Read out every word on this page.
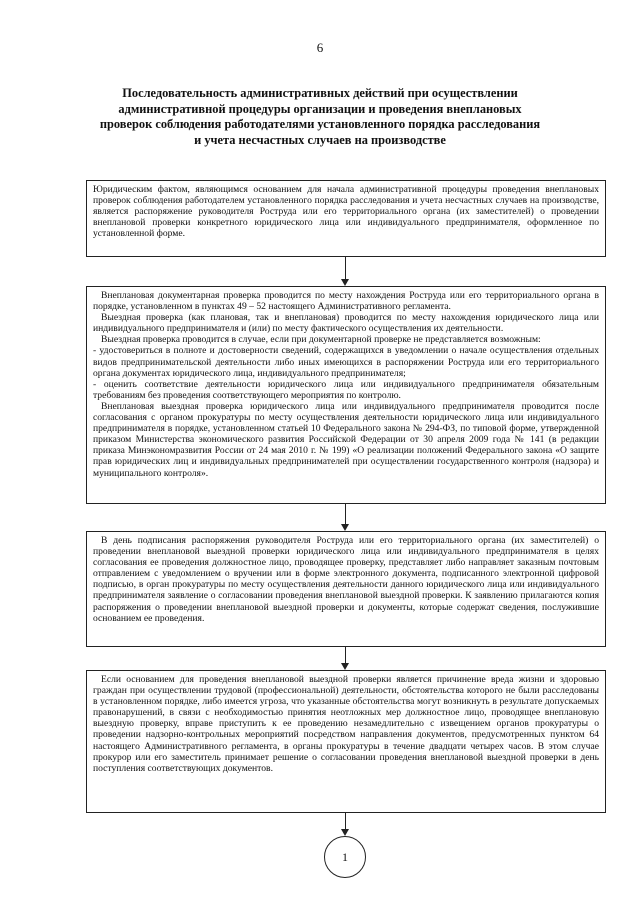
6
Последовательность административных действий при осуществлении административной процедуры организации и проведения внеплановых проверок соблюдения работодателями установленного порядка расследования и учета несчастных случаев на производстве

Юридическим фактом, являющимся основанием для начала административной процедуры проведения внеплановых проверок соблюдения работодателем установленного порядка расследования и учета несчастных случаев на производстве, является распоряжение руководителя Роструда или его территориального органа (их заместителей) о проведении внеплановой проверки конкретного юридического лица или индивидуального предпринимателя, оформленное по установленной форме.

Внеплановая документарная проверка проводится по месту нахождения Роструда или его территориального органа в порядке, установленном в пунктах 49 – 52 настоящего Административного регламента.

Выездная проверка (как плановая, так и внеплановая) проводится по месту нахождения юридического лица или индивидуального предпринимателя и (или) по месту фактического осуществления их деятельности.

Выездная проверка проводится в случае, если при документарной проверке не представляется возможным:

- удостовериться в полноте и достоверности сведений, содержащихся в уведомлении о начале осуществления отдельных видов предпринимательской деятельности либо иных имеющихся в распоряжении Роструда или его территориального органа документах юридического лица, индивидуального предпринимателя;

- оценить соответствие деятельности юридического лица или индивидуального предпринимателя обязательным требованиям без проведения соответствующего мероприятия по контролю.

Внеплановая выездная проверка юридического лица или индивидуального предпринимателя проводится после согласования с органом прокуратуры по месту осуществления деятельности юридического лица или индивидуального предпринимателя в порядке, установленном статьей 10 Федерального закона № 294-ФЗ, по типовой форме, утвержденной приказом Министерства экономического развития Российской Федерации от 30 апреля 2009 года № 141 (в редакции приказа Минэкономразвития России от 24 мая 2010 г. № 199) «О реализации положений Федерального закона «О защите прав юридических лиц и индивидуальных предпринимателей при осуществлении государственного контроля (надзора) и муниципального контроля».

В день подписания распоряжения руководителя Роструда или его территориального органа (их заместителей) о проведении внеплановой выездной проверки юридического лица или индивидуального предпринимателя в целях согласования ее проведения должностное лицо, проводящее проверку, представляет либо направляет заказным почтовым отправлением с уведомлением о вручении или в форме электронного документа, подписанного электронной цифровой подписью, в орган прокуратуры по месту осуществления деятельности данного юридического лица или индивидуального предпринимателя заявление о согласовании проведения внеплановой выездной проверки. К заявлению прилагаются копия распоряжения о проведении внеплановой выездной проверки и документы, которые содержат сведения, послужившие основанием ее проведения.

Если основанием для проведения внеплановой выездной проверки является причинение вреда жизни и здоровью граждан при осуществлении трудовой (профессиональной) деятельности, обстоятельства которого не были расследованы в установленном порядке, либо имеется угроза, что указанные обстоятельства могут возникнуть в результате допускаемых правонарушений, в связи с необходимостью принятия неотложных мер должностное лицо, проводящее внеплановую выездную проверку, вправе приступить к ее проведению незамедлительно с извещением органов прокуратуры о проведении надзорно-контрольных мероприятий посредством направления документов, предусмотренных пунктом 64 настоящего Административного регламента, в органы прокуратуры в течение двадцати четырех часов. В этом случае прокурор или его заместитель принимает решение о согласовании проведения внеплановой выездной проверки в день поступления соответствующих документов.

1
